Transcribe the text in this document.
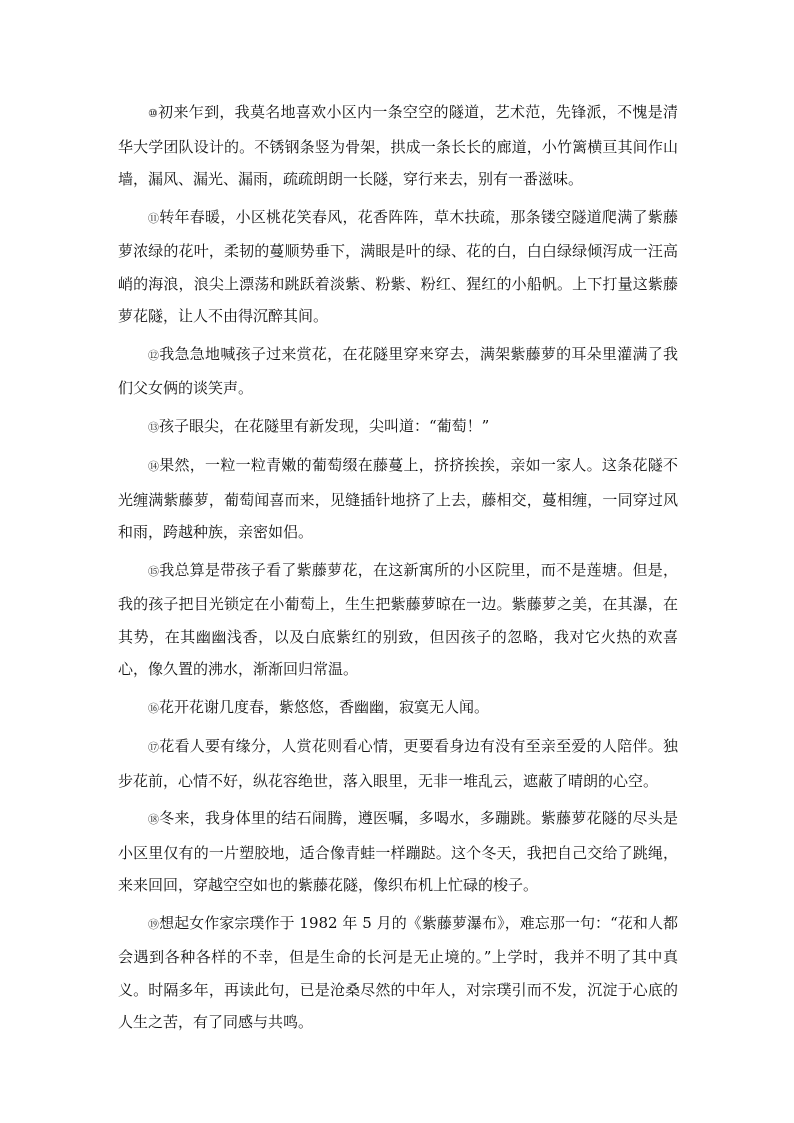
⑩初来乍到，我莫名地喜欢小区内一条空空的隧道，艺术范，先锋派，不愧是清华大学团队设计的。不锈钢条竖为骨架，拱成一条长长的廊道，小竹篱横亘其间作山墙，漏风、漏光、漏雨，疏疏朗朗一长隧，穿行来去，别有一番滋味。

⑪转年春暖，小区桃花笑春风，花香阵阵，草木扶疏，那条镂空隧道爬满了紫藤萝浓绿的花叶，柔韧的蔓顺势垂下，满眼是叶的绿、花的白，白白绿绿倾泻成一汪高峭的海浪，浪尖上漂荡和跳跃着淡紫、粉紫、粉红、猩红的小船帆。上下打量这紫藤萝花隧，让人不由得沉醉其间。

⑫我急急地喊孩子过来赏花，在花隧里穿来穿去，满架紫藤萝的耳朵里灌满了我们父女俩的谈笑声。

⑬孩子眼尖，在花隧里有新发现，尖叫道：“葡萄！”

⑭果然，一粒一粒青嫩的葡萄缀在藤蔓上，挤挤挨挨，亲如一家人。这条花隧不光缠满紫藤萝，葡萄闻喜而来，见缝插针地挤了上去，藤相交，蔓相缠，一同穿过风和雨，跨越种族，亲密如侣。

⑮我总算是带孩子看了紫藤萝花，在这新寓所的小区院里，而不是莲塘。但是，我的孩子把目光锁定在小葡萄上，生生把紫藤萝晾在一边。紫藤萝之美，在其瀑，在其势，在其幽幽浅香，以及白底紫红的别致，但因孩子的忽略，我对它火热的欢喜心，像久置的沸水，渐渐回归常温。

⑯花开花谢几度春，紫悠悠，香幽幽，寂寞无人闻。

⑰花看人要有缘分，人赏花则看心情，更要看身边有没有至亲至爱的人陪伴。独步花前，心情不好，纵花容绝世，落入眼里，无非一堆乱云，遮蔽了晴朗的心空。

⑱冬来，我身体里的结石闹腾，遵医嘱，多喝水，多蹦跳。紫藤萝花隧的尽头是小区里仅有的一片塑胶地，适合像青蛙一样蹦跶。这个冬天，我把自己交给了跳绳，来来回回，穿越空空如也的紫藤花隧，像织布机上忙碌的梭子。

⑲想起女作家宗璞作于 1982 年 5 月的《紫藤萝瀑布》，难忘那一句：“花和人都会遇到各种各样的不幸，但是生命的长河是无止境的。”上学时，我并不明了其中真义。时隔多年，再读此句，已是沧桑尽然的中年人，对宗璞引而不发，沉淀于心底的人生之苦，有了同感与共鸣。
